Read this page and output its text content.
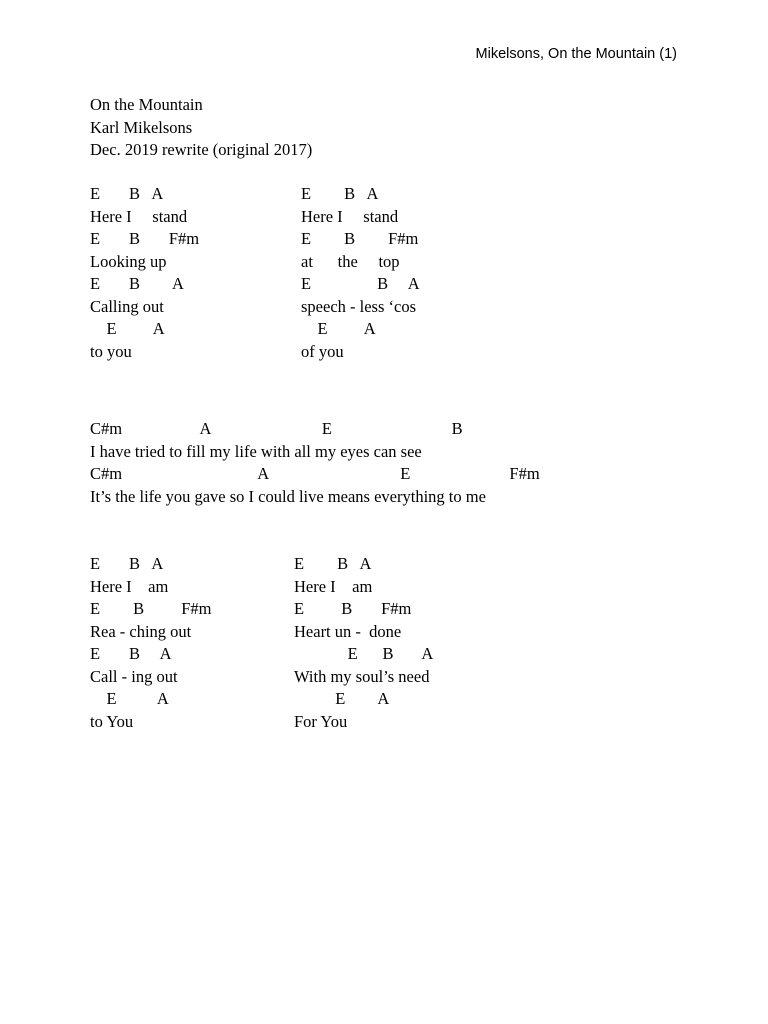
Mikelsons, On the Mountain (1)
On the Mountain
Karl Mikelsons
Dec. 2019 rewrite (original 2017)
E       B   A
Here I     stand
E       B       F#m
Looking up
E       B        A
Calling out
E         A
to you
E        B   A
Here I     stand
E        B        F#m
at      the     top
E                B     A
speech - less ‘cos
E         A
of you
C#m                   A                           E                             B
I have tried to fill my life with all my eyes can see
C#m                                 A                                E                        F#m
It’s the life you gave so I could live means everything to me
E       B   A
Here I    am
E        B         F#m
Rea - ching out
E       B     A
Call - ing out
E          A
to You
E        B   A
Here I    am
E         B       F#m
Heart un -  done
E      B       A
With my soul’s need
E        A
For You
